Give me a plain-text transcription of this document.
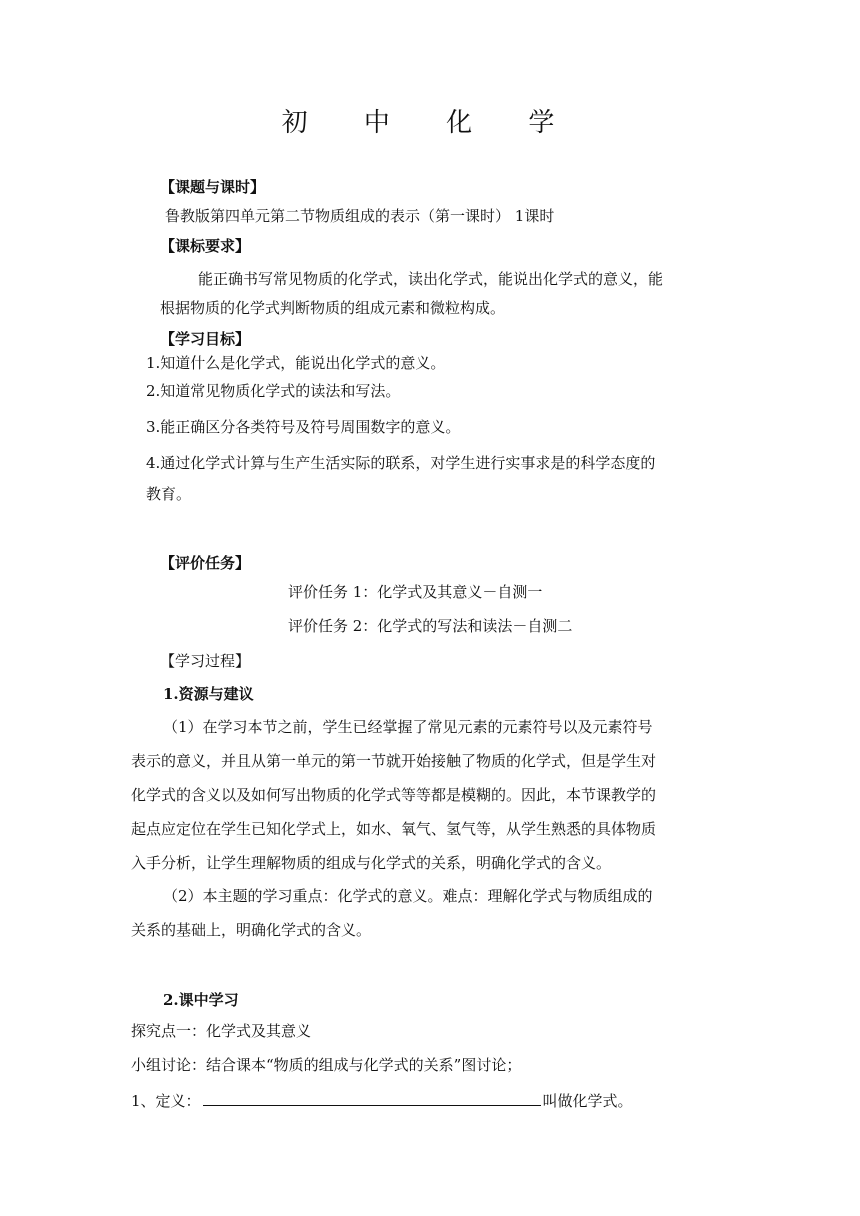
初 中 化 学
【课题与课时】
鲁教版第四单元第二节物质组成的表示（第一课时） 1课时
【课标要求】
能正确书写常见物质的化学式，读出化学式，能说出化学式的意义，能
根据物质的化学式判断物质的组成元素和微粒构成。
【学习目标】
1.知道什么是化学式，能说出化学式的意义。
2.知道常见物质化学式的读法和写法。
3.能正确区分各类符号及符号周围数字的意义。
4.通过化学式计算与生产生活实际的联系，对学生进行实事求是的科学态度的
教育。
【评价任务】
评价任务 1：化学式及其意义－自测一
评价任务 2：化学式的写法和读法－自测二
【学习过程】
1.资源与建议
（1）在学习本节之前，学生已经掌握了常见元素的元素符号以及元素符号
表示的意义，并且从第一单元的第一节就开始接触了物质的化学式，但是学生对
化学式的含义以及如何写出物质的化学式等等都是模糊的。因此，本节课教学的
起点应定位在学生已知化学式上，如水、氧气、氢气等，从学生熟悉的具体物质
入手分析，让学生理解物质的组成与化学式的关系，明确化学式的含义。
（2）本主题的学习重点：化学式的意义。难点：理解化学式与物质组成的
关系的基础上，明确化学式的含义。
2.课中学习
探究点一：化学式及其意义
小组讨论：结合课本“物质的组成与化学式的关系”图讨论；
1、定义：	叫做化学式。
